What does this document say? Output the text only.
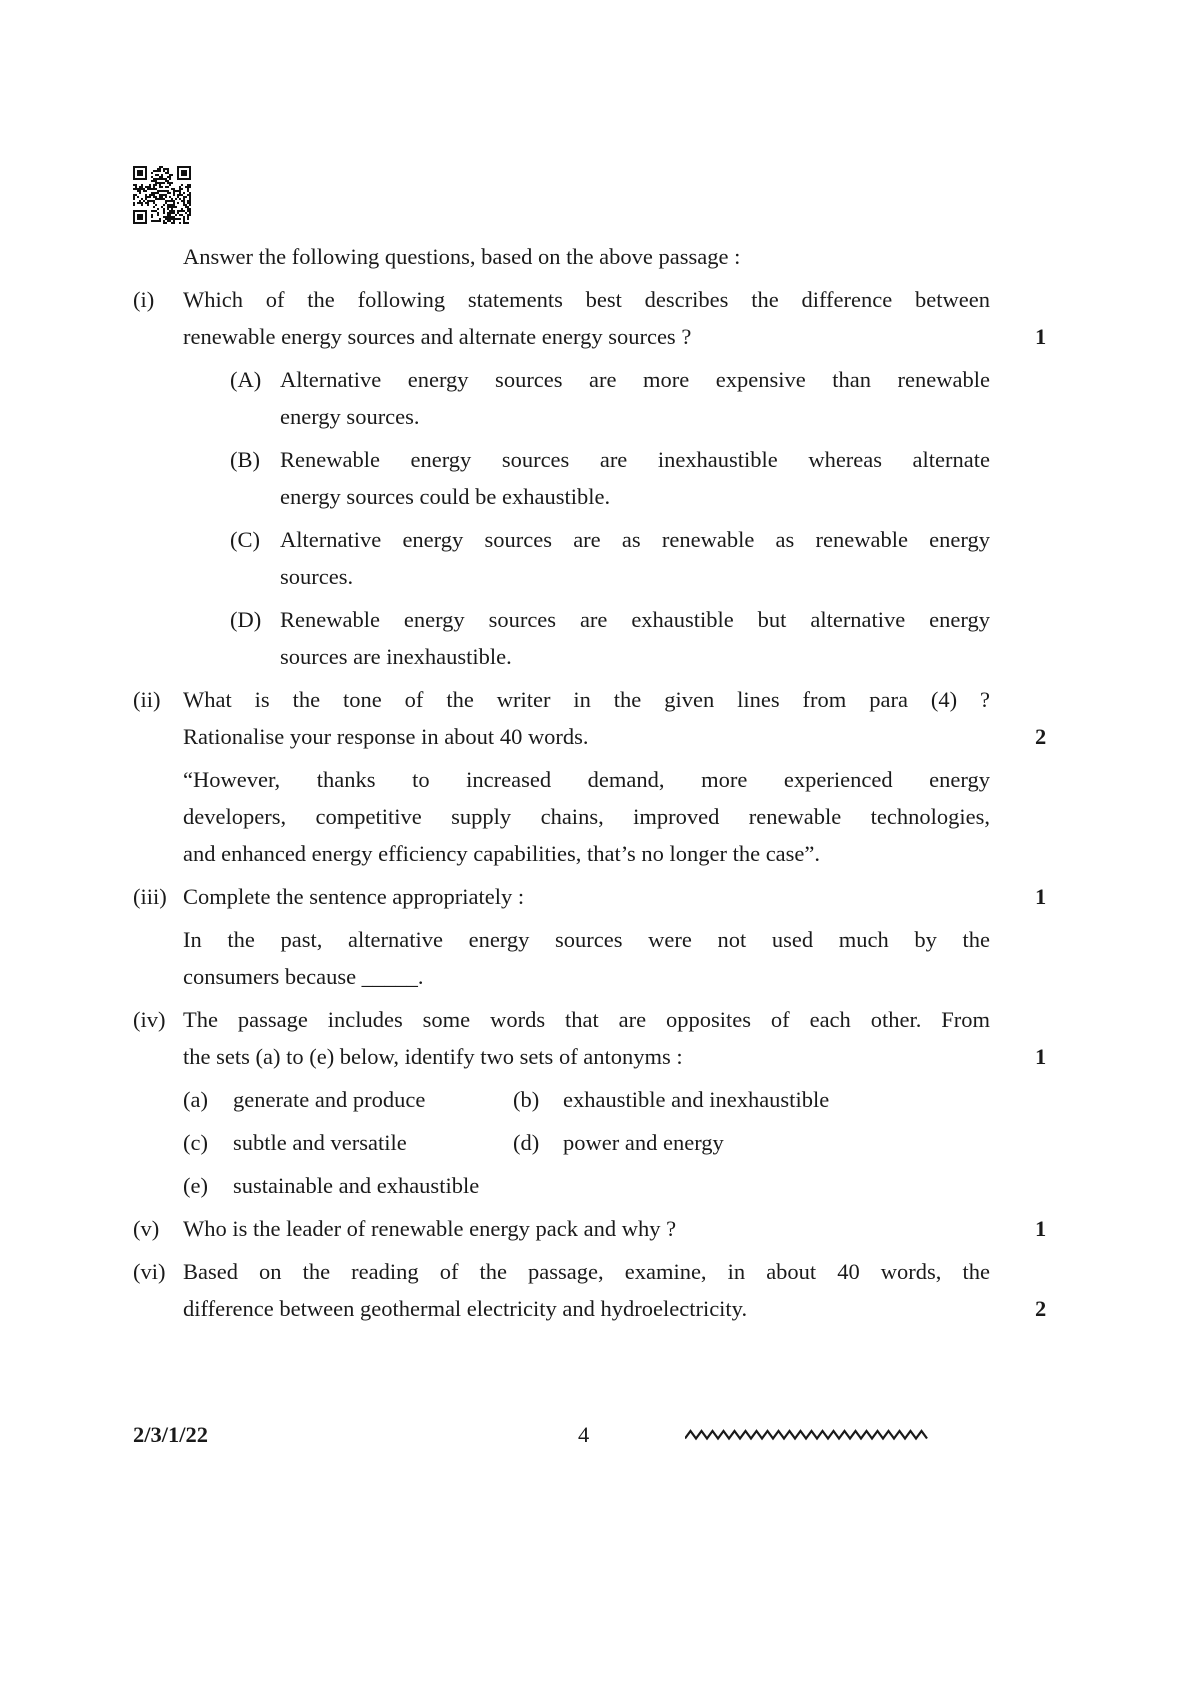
Answer the following questions, based on the above passage :
(i)	Which of the following statements best describes the difference between
renewable energy sources and alternate energy sources ?	1
(A) Alternative energy sources are more expensive than renewable
energy sources.
(B) Renewable energy sources are inexhaustible whereas alternate
energy sources could be exhaustible.
(C) Alternative energy sources are as renewable as renewable energy
sources.
(D) Renewable energy sources are exhaustible but alternative energy
sources are inexhaustible.
(ii)	What is the tone of the writer in the given lines from para (4) ?
Rationalise your response in about 40 words.	2
“However, thanks to increased demand, more experienced energy
developers, competitive supply chains, improved renewable technologies,
and enhanced energy efficiency capabilities, that’s no longer the case”.
(iii) Complete the sentence appropriately :	1
In the past, alternative energy sources were not used much by the
consumers because _____.
(iv) The passage includes some words that are opposites of each other. From
the sets (a) to (e) below, identify two sets of antonyms :	1
(a)	generate and produce	(b)	exhaustible and inexhaustible
(c)	subtle and versatile	(d)	power and energy
(e)	sustainable and exhaustible
(v)	Who is the leader of renewable energy pack and why ?	1
(vi) Based on the reading of the passage, examine, in about 40 words, the
difference between geothermal electricity and hydroelectricity.	2
2/3/1/22	4
